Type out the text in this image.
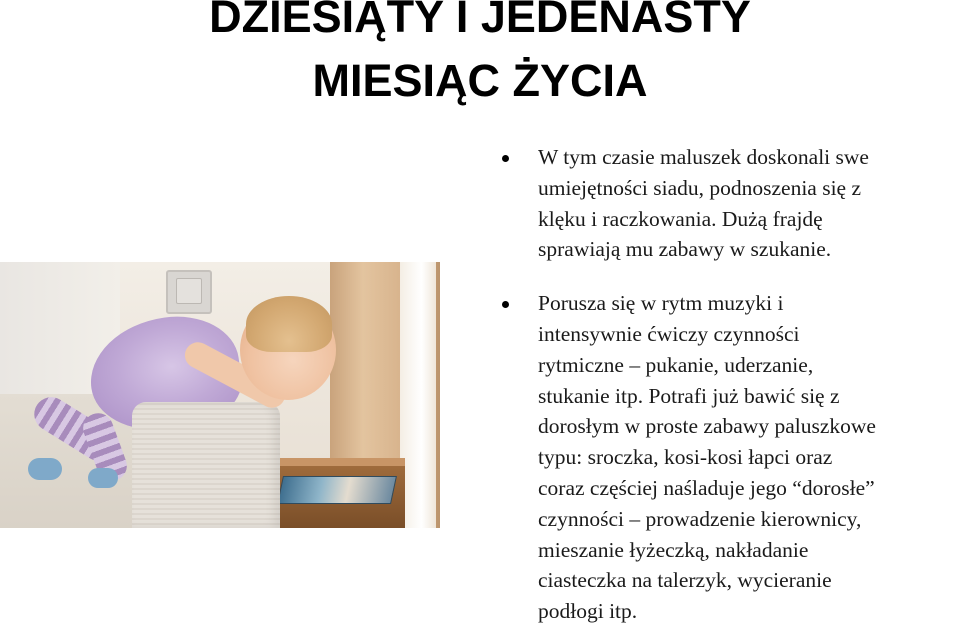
DZIESIĄTY I JEDENASTY
MIESIĄC ŻYCIA
W tym czasie maluszek doskonali swe
umiejętności siadu, podnoszenia się z
klęku i raczkowania. Dużą frajdę
sprawiają mu zabawy w szukanie.
Porusza się w rytm muzyki i
intensywnie ćwiczy czynności
rytmiczne – pukanie, uderzanie,
stukanie itp. Potrafi już bawić się z
dorosłym w proste zabawy paluszkowe
typu: sroczka, kosi-kosi łapci oraz
coraz częściej naśladuje jego “dorosłe”
czynności – prowadzenie kierownicy,
mieszanie łyżeczką, nakładanie
ciasteczka na talerzyk, wycieranie
podłogi itp.
